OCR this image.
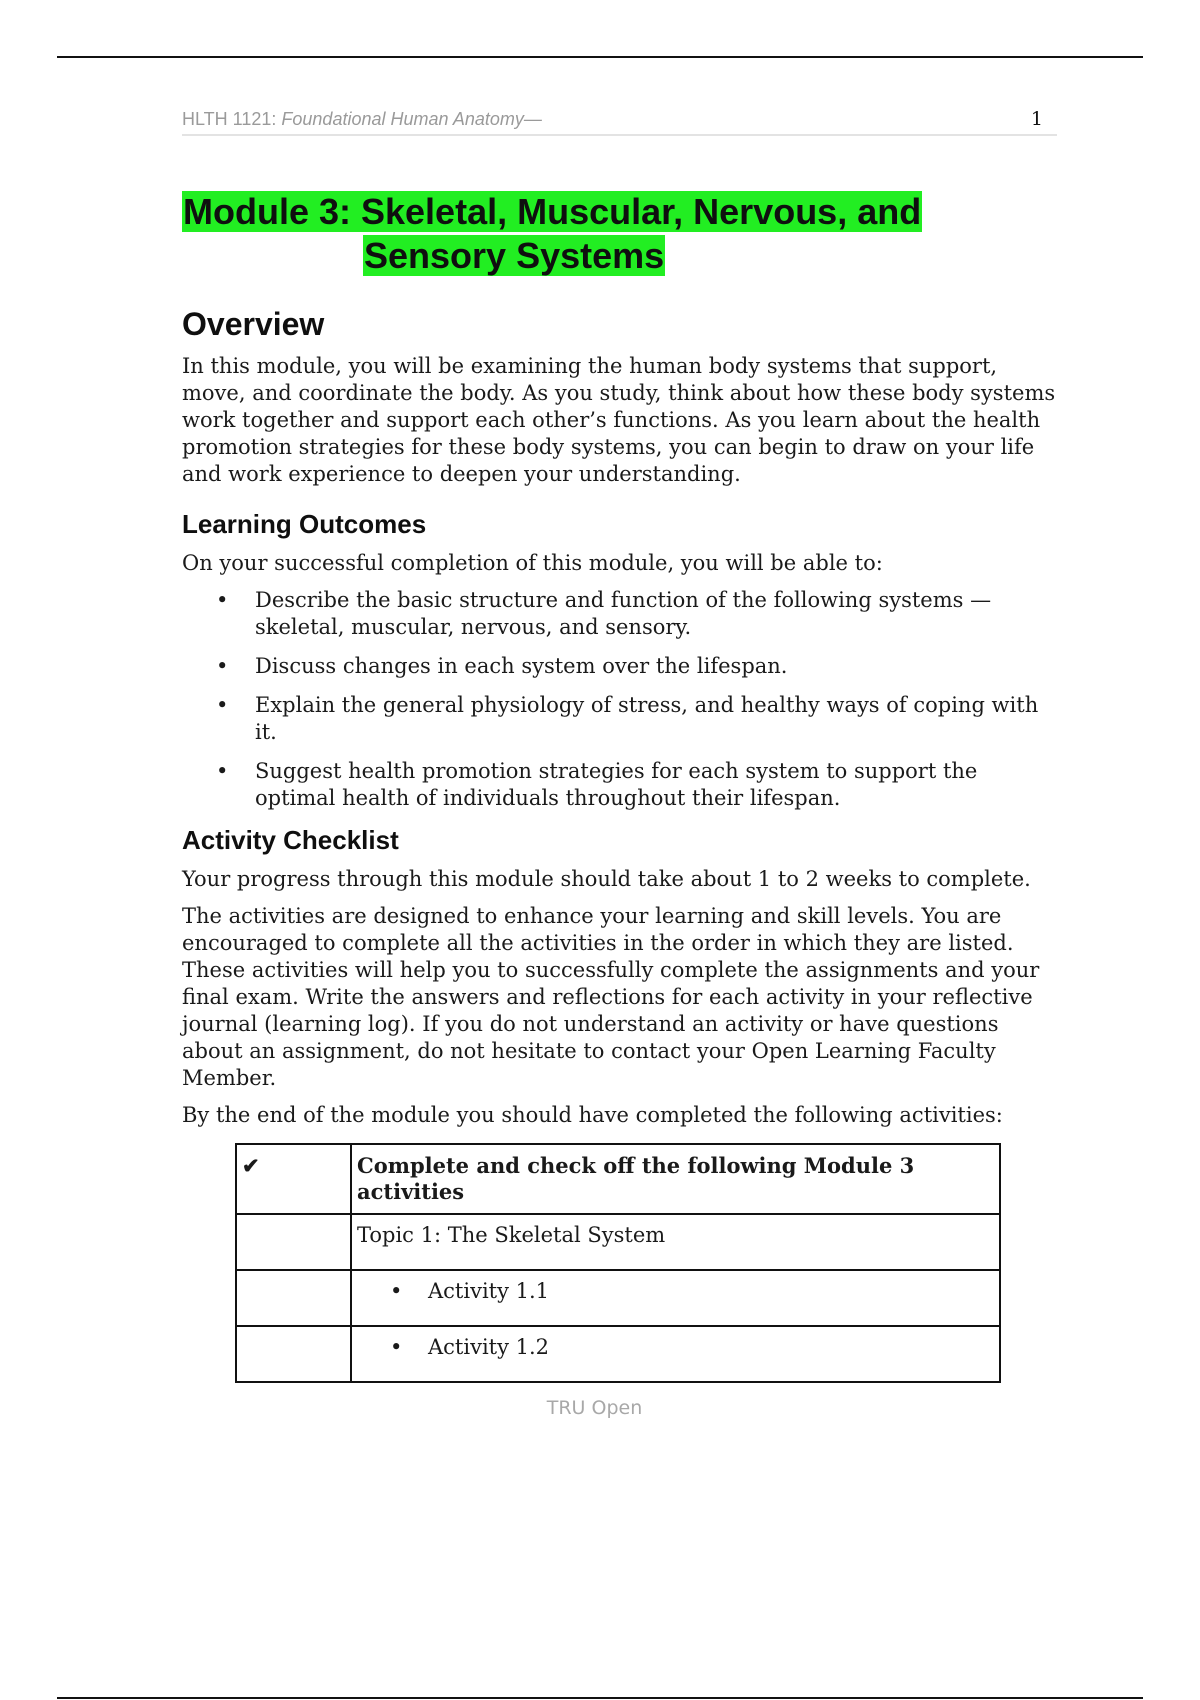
HLTH 1121: Foundational Human Anatomy—	1
Module 3: Skeletal, Muscular, Nervous, and
Sensory Systems
Overview

In this module, you will be examining the human body systems that support, move, and coordinate the body. As you study, think about how these body systems work together and support each other’s functions. As you learn about the health promotion strategies for these body systems, you can begin to draw on your life and work experience to deepen your understanding.

Learning Outcomes

On your successful completion of this module, you will be able to:

• Describe the basic structure and function of the following systems —skeletal, muscular, nervous, and sensory.
• Discuss changes in each system over the lifespan.
• Explain the general physiology of stress, and healthy ways of coping with it.
• Suggest health promotion strategies for each system to support the optimal health of individuals throughout their lifespan.
Activity Checklist

Your progress through this module should take about 1 to 2 weeks to complete.

The activities are designed to enhance your learning and skill levels. You are encouraged to complete all the activities in the order in which they are listed. These activities will help you to successfully complete the assignments and your final exam. Write the answers and reflections for each activity in your reflective journal (learning log). If you do not understand an activity or have questions about an assignment, do not hesitate to contact your Open Learning Faculty Member.

By the end of the module you should have completed the following activities:

✔	Complete and check off the following Module 3 activities
	Topic 1: The Skeletal System
	• Activity 1.1
	• Activity 1.2
TRU Open
